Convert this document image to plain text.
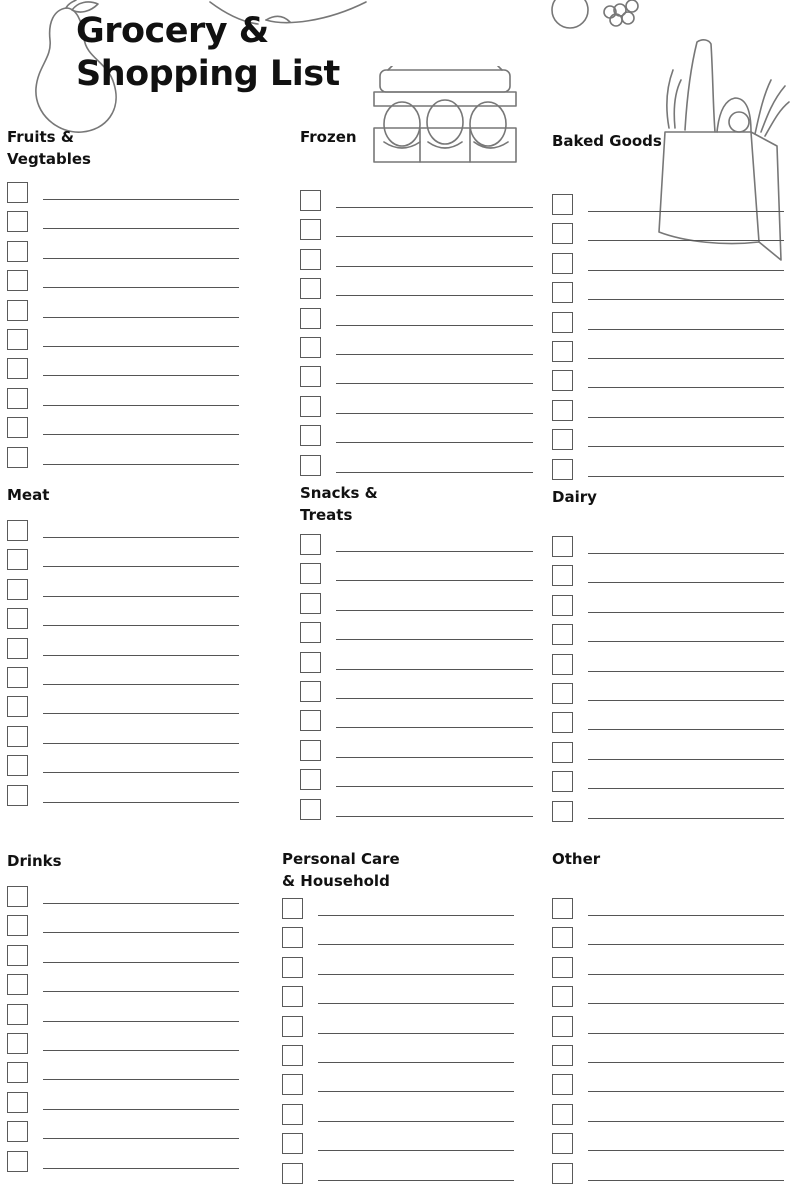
Grocery &
Shopping List
Fruits &
Vegtables
Frozen	Baked Goods
Meat	Snacks &
Treats
Dairy
Drinks	Personal Care
& Household
Other
